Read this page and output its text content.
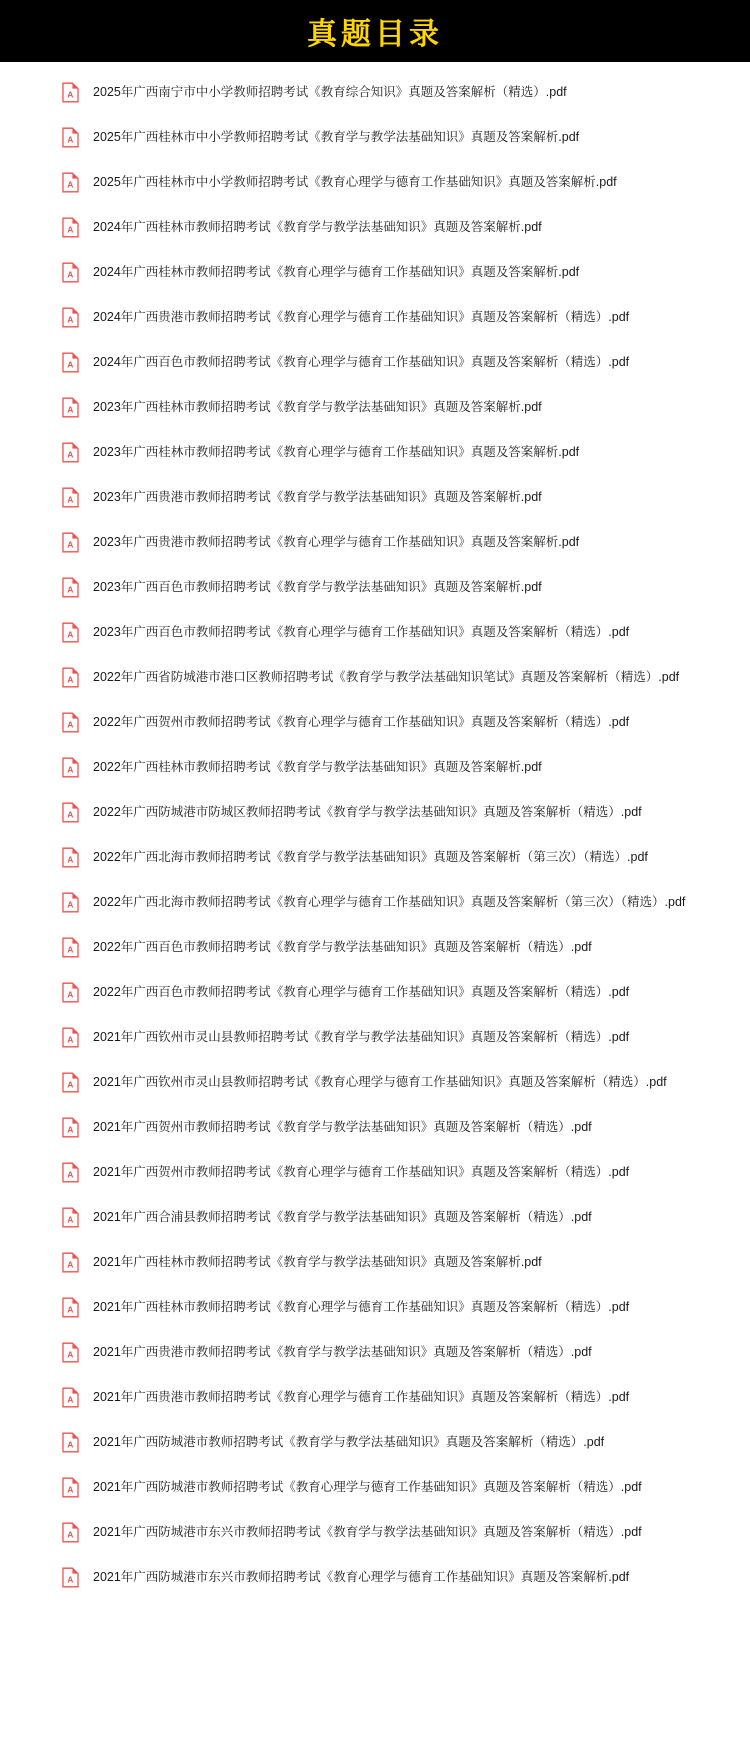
真题目录
A 2025年广西南宁市中小学教师招聘考试《教育综合知识》真题及答案解析（精选）.pdf
A 2025年广西桂林市中小学教师招聘考试《教育学与教学法基础知识》真题及答案解析.pdf
A 2025年广西桂林市中小学教师招聘考试《教育心理学与德育工作基础知识》真题及答案解析.pdf
A 2024年广西桂林市教师招聘考试《教育学与教学法基础知识》真题及答案解析.pdf
A 2024年广西桂林市教师招聘考试《教育心理学与德育工作基础知识》真题及答案解析.pdf
A 2024年广西贵港市教师招聘考试《教育心理学与德育工作基础知识》真题及答案解析（精选）.pdf
A 2024年广西百色市教师招聘考试《教育心理学与德育工作基础知识》真题及答案解析（精选）.pdf
A 2023年广西桂林市教师招聘考试《教育学与教学法基础知识》真题及答案解析.pdf
A 2023年广西桂林市教师招聘考试《教育心理学与德育工作基础知识》真题及答案解析.pdf
A 2023年广西贵港市教师招聘考试《教育学与教学法基础知识》真题及答案解析.pdf
A 2023年广西贵港市教师招聘考试《教育心理学与德育工作基础知识》真题及答案解析.pdf
A 2023年广西百色市教师招聘考试《教育学与教学法基础知识》真题及答案解析.pdf
A 2023年广西百色市教师招聘考试《教育心理学与德育工作基础知识》真题及答案解析（精选）.pdf
A 2022年广西省防城港市港口区教师招聘考试《教育学与教学法基础知识笔试》真题及答案解析（精选）.pdf
A 2022年广西贺州市教师招聘考试《教育心理学与德育工作基础知识》真题及答案解析（精选）.pdf
A 2022年广西桂林市教师招聘考试《教育学与教学法基础知识》真题及答案解析.pdf
A 2022年广西防城港市防城区教师招聘考试《教育学与教学法基础知识》真题及答案解析（精选）.pdf
A 2022年广西北海市教师招聘考试《教育学与教学法基础知识》真题及答案解析（第三次）（精选）.pdf
A 2022年广西北海市教师招聘考试《教育心理学与德育工作基础知识》真题及答案解析（第三次）（精选）.pdf
A 2022年广西百色市教师招聘考试《教育学与教学法基础知识》真题及答案解析（精选）.pdf
A 2022年广西百色市教师招聘考试《教育心理学与德育工作基础知识》真题及答案解析（精选）.pdf
A 2021年广西钦州市灵山县教师招聘考试《教育学与教学法基础知识》真题及答案解析（精选）.pdf
A 2021年广西钦州市灵山县教师招聘考试《教育心理学与德育工作基础知识》真题及答案解析（精选）.pdf
A 2021年广西贺州市教师招聘考试《教育学与教学法基础知识》真题及答案解析（精选）.pdf
A 2021年广西贺州市教师招聘考试《教育心理学与德育工作基础知识》真题及答案解析（精选）.pdf
A 2021年广西合浦县教师招聘考试《教育学与教学法基础知识》真题及答案解析（精选）.pdf
A 2021年广西桂林市教师招聘考试《教育学与教学法基础知识》真题及答案解析.pdf
A 2021年广西桂林市教师招聘考试《教育心理学与德育工作基础知识》真题及答案解析（精选）.pdf
A 2021年广西贵港市教师招聘考试《教育学与教学法基础知识》真题及答案解析（精选）.pdf
A 2021年广西贵港市教师招聘考试《教育心理学与德育工作基础知识》真题及答案解析（精选）.pdf
A 2021年广西防城港市教师招聘考试《教育学与教学法基础知识》真题及答案解析（精选）.pdf
A 2021年广西防城港市教师招聘考试《教育心理学与德育工作基础知识》真题及答案解析（精选）.pdf
A 2021年广西防城港市东兴市教师招聘考试《教育学与教学法基础知识》真题及答案解析（精选）.pdf
A 2021年广西防城港市东兴市教师招聘考试《教育心理学与德育工作基础知识》真题及答案解析.pdf
